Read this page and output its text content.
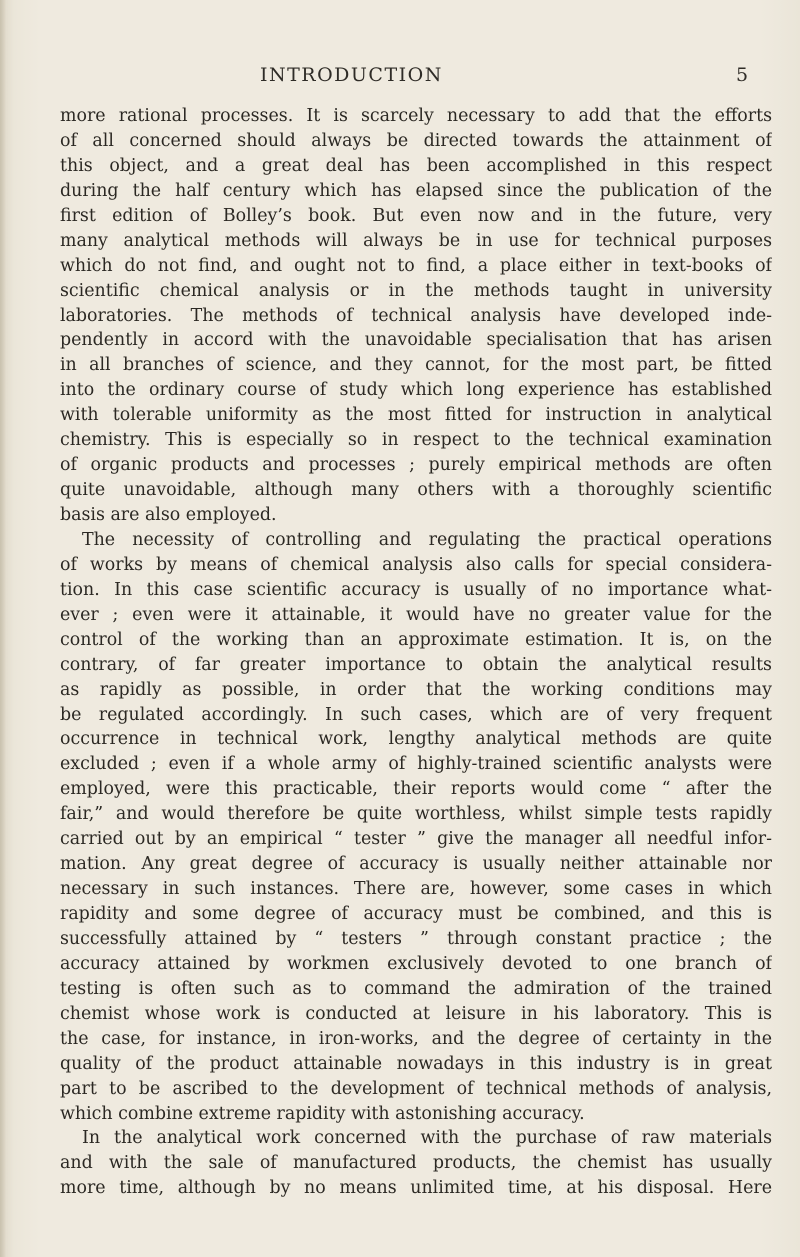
INTRODUCTION	5
more rational processes. It is scarcely necessary to add that the efforts
of all concerned should always be directed towards the attainment of
this object, and a great deal has been accomplished in this respect
during the half century which has elapsed since the publication of the
first edition of Bolley’s book. But even now and in the future, very
many analytical methods will always be in use for technical purposes
which do not find, and ought not to find, a place either in text-books of
scientific chemical analysis or in the methods taught in university
laboratories. The methods of technical analysis have developed inde-
pendently in accord with the unavoidable specialisation that has arisen
in all branches of science, and they cannot, for the most part, be fitted
into the ordinary course of study which long experience has established
with tolerable uniformity as the most fitted for instruction in analytical
chemistry. This is especially so in respect to the technical examination
of organic products and processes ; purely empirical methods are often
quite unavoidable, although many others with a thoroughly scientific
basis are also employed.
The necessity of controlling and regulating the practical operations
of works by means of chemical analysis also calls for special considera-
tion. In this case scientific accuracy is usually of no importance what-
ever ; even were it attainable, it would have no greater value for the
control of the working than an approximate estimation. It is, on the
contrary, of far greater importance to obtain the analytical results
as rapidly as possible, in order that the working conditions may
be regulated accordingly. In such cases, which are of very frequent
occurrence in technical work, lengthy analytical methods are quite
excluded ; even if a whole army of highly-trained scientific analysts were
employed, were this practicable, their reports would come “ after the
fair,” and would therefore be quite worthless, whilst simple tests rapidly
carried out by an empirical “ tester ” give the manager all needful infor-
mation. Any great degree of accuracy is usually neither attainable nor
necessary in such instances. There are, however, some cases in which
rapidity and some degree of accuracy must be combined, and this is
successfully attained by “ testers ” through constant practice ; the
accuracy attained by workmen exclusively devoted to one branch of
testing is often such as to command the admiration of the trained
chemist whose work is conducted at leisure in his laboratory. This is
the case, for instance, in iron-works, and the degree of certainty in the
quality of the product attainable nowadays in this industry is in great
part to be ascribed to the development of technical methods of analysis,
which combine extreme rapidity with astonishing accuracy.
In the analytical work concerned with the purchase of raw materials
and with the sale of manufactured products, the chemist has usually
more time, although by no means unlimited time, at his disposal. Here
